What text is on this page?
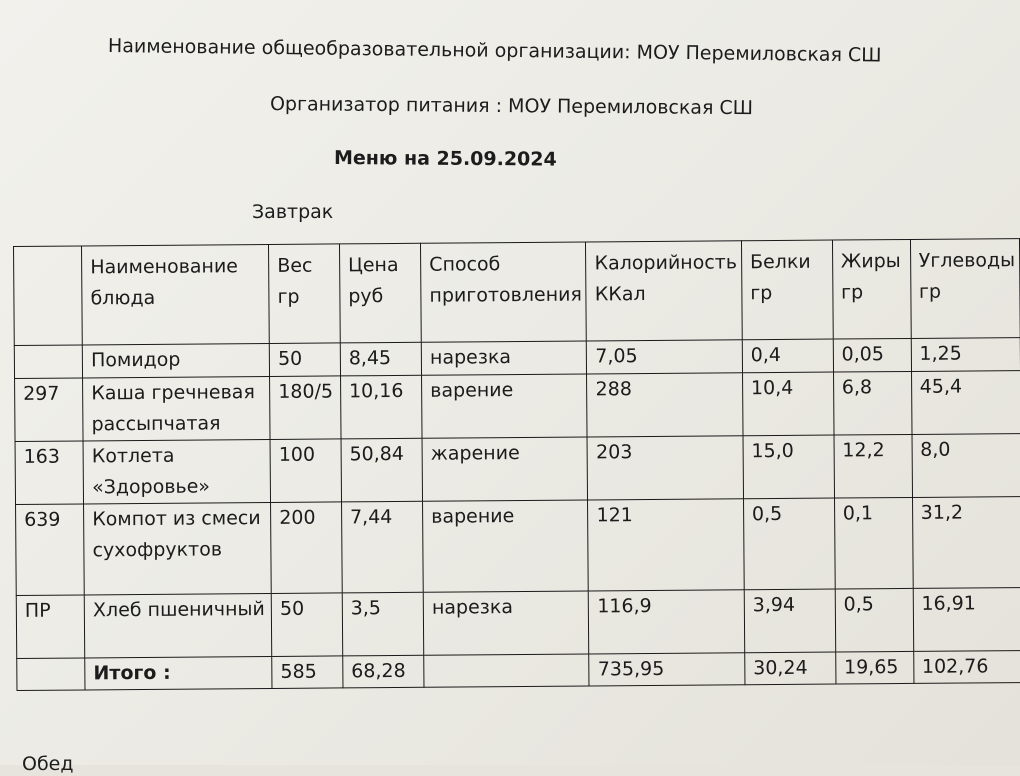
Наименование общеобразовательной организации: МОУ Перемиловская СШ
Организатор питания : МОУ Перемиловская СШ
Меню на 25.09.2024
Завтрак
	Наименование блюда	Вес гр	Цена руб	Способ приготовления	Калорийность ККал	Белки гр	Жиры гр	Углеводы гр
	Помидор	50	8,45	нарезка	7,05	0,4	0,05	1,25
297	Каша гречневая рассыпчатая	180/5	10,16	варение	288	10,4	6,8	45,4
163	Котлета «Здоровье»	100	50,84	жарение	203	15,0	12,2	8,0
639	Компот из смеси сухофруктов	200	7,44	варение	121	0,5	0,1	31,2
ПР	Хлеб пшеничный	50	3,5	нарезка	116,9	3,94	0,5	16,91
	Итого :	585	68,28		735,95	30,24	19,65	102,76
Обед
